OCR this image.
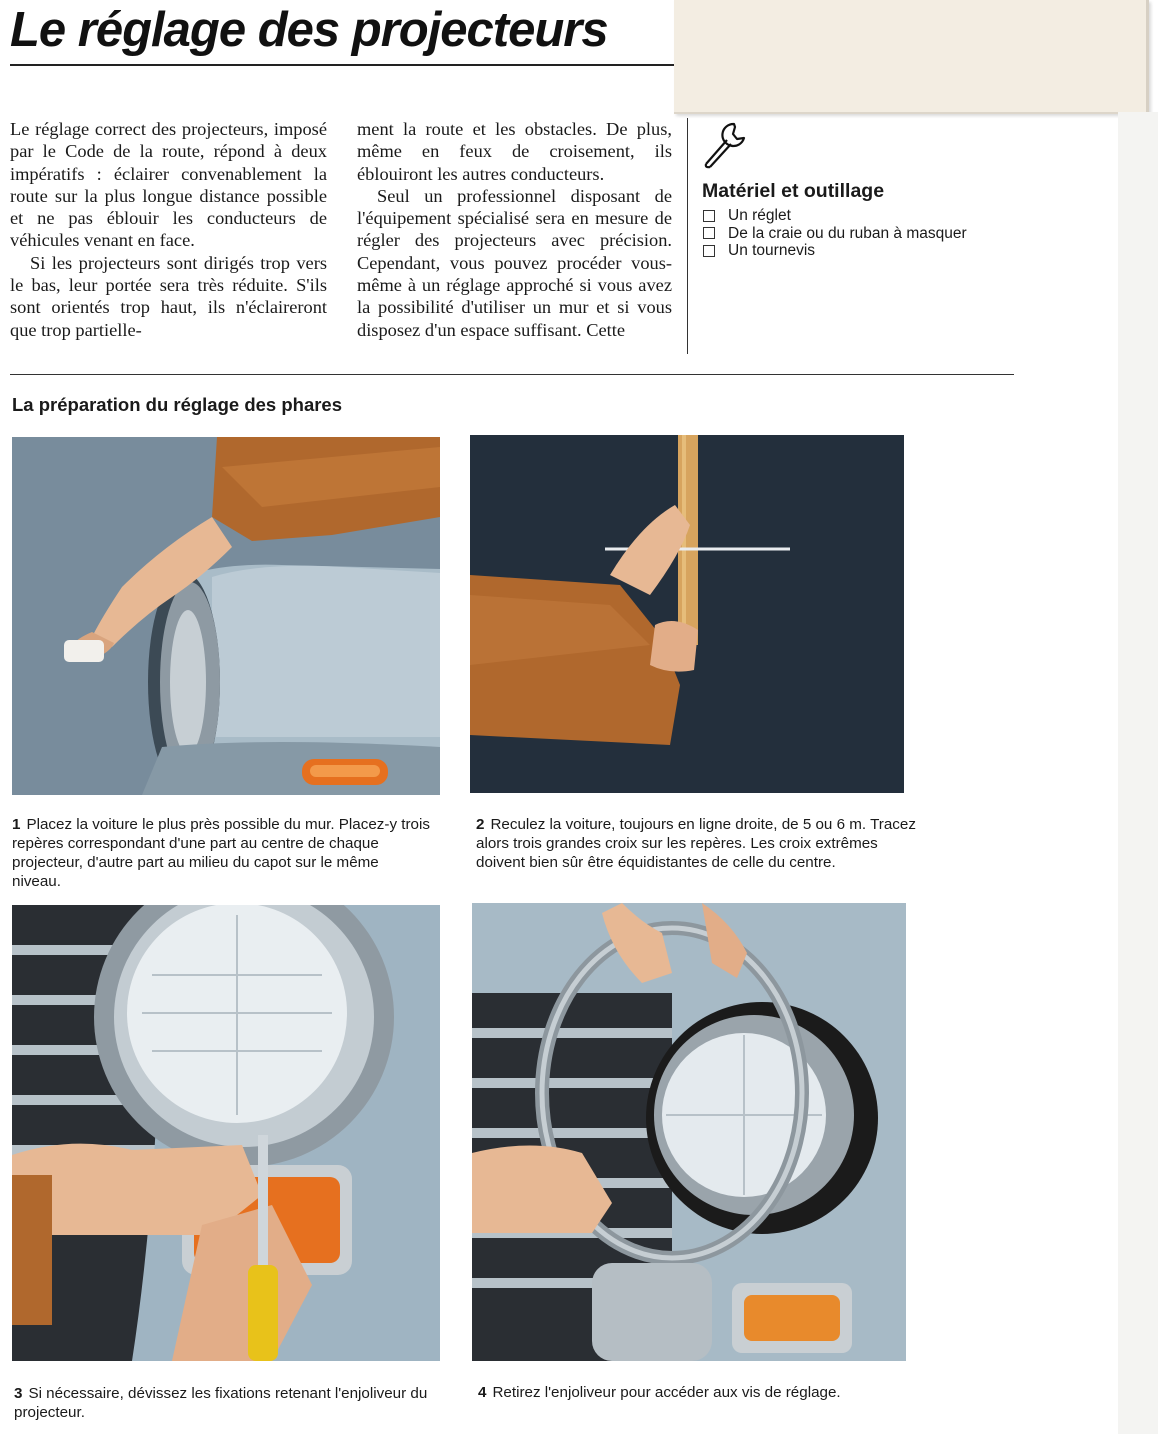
Le réglage des projecteurs

Le réglage correct des projecteurs, imposé par le Code de la route, répond à deux impératifs : éclairer convenablement la route sur la plus longue distance possible et ne pas éblouir les conducteurs de véhicules venant en face.

Si les projecteurs sont dirigés trop vers le bas, leur portée sera très réduite. S'ils sont orientés trop haut, ils n'éclaireront que trop partielle-

ment la route et les obstacles. De plus, même en feux de croisement, ils éblouiront les autres conducteurs.

Seul un professionnel disposant de l'équipement spécialisé sera en mesure de régler des projecteurs avec précision. Cependant, vous pouvez procéder vous-même à un réglage approché si vous avez la possibilité d'utiliser un mur et si vous disposez d'un espace suffisant. Cette

Matériel et outillage
Un réglet
De la craie ou du ruban à masquer
Un tournevis
La préparation du réglage des phares

1 Placez la voiture le plus près possible du mur. Placez-y trois repères correspondant d'une part au centre de chaque projecteur, d'autre part au milieu du capot sur le même niveau.

2 Reculez la voiture, toujours en ligne droite, de 5 ou 6 m. Tracez alors trois grandes croix sur les repères. Les croix extrêmes doivent bien sûr être équidistantes de celle du centre.

3 Si nécessaire, dévissez les fixations retenant l'enjoliveur du projecteur.

4 Retirez l'enjoliveur pour accéder aux vis de réglage.
